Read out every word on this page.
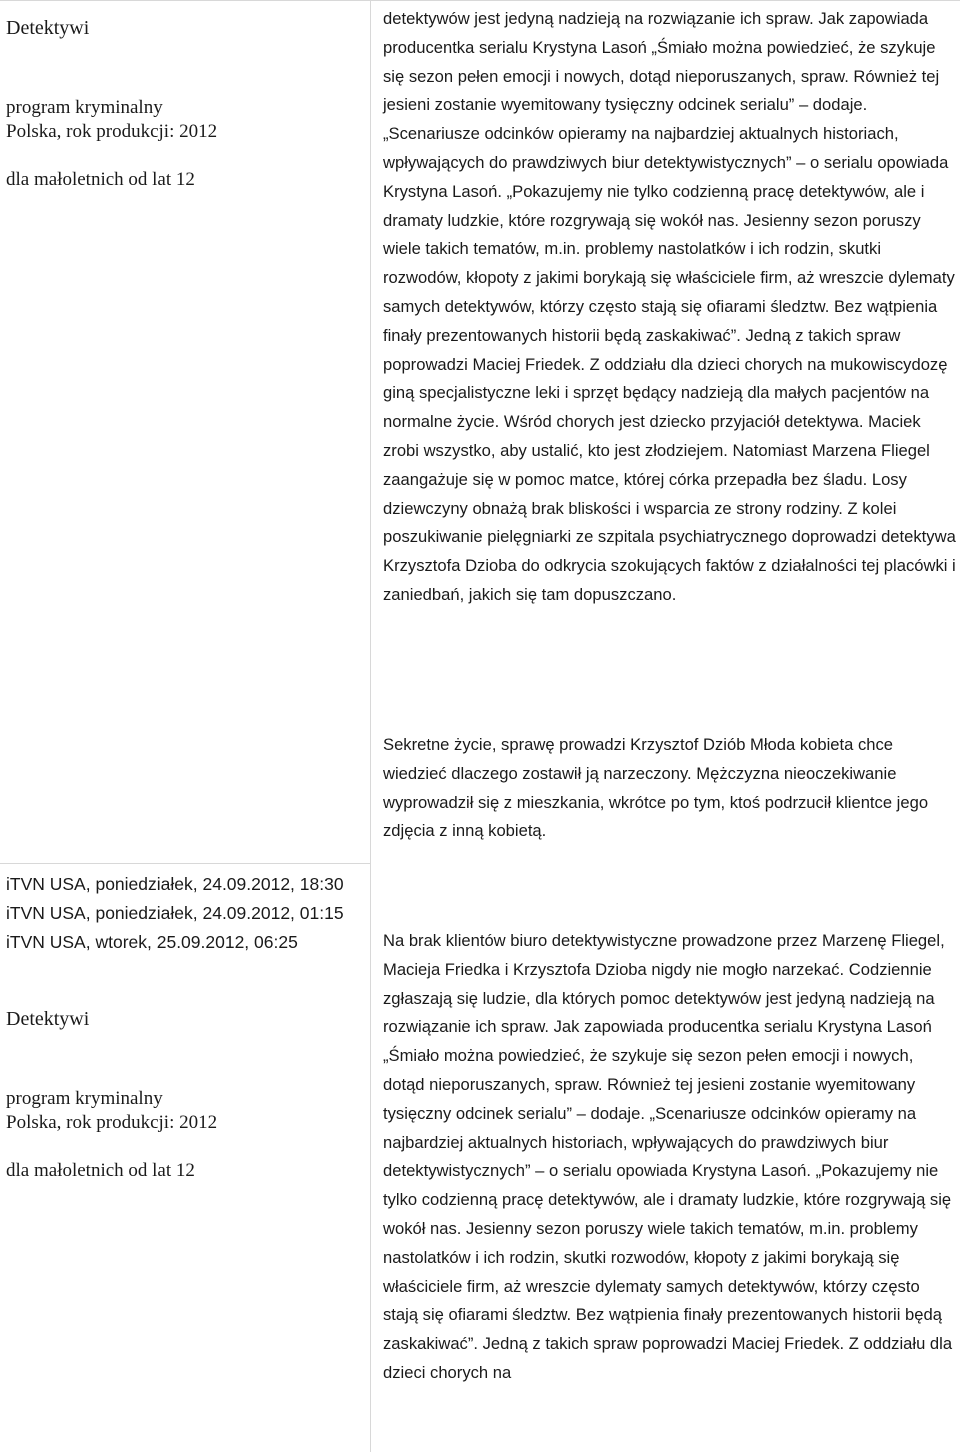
Detektywi
program kryminalny
Polska, rok produkcji: 2012
dla małoletnich od lat 12

detektywów jest jedyną nadzieją na rozwiązanie ich spraw. Jak zapowiada producentka serialu Krystyna Lasoń „Śmiało można powiedzieć, że szykuje się sezon pełen emocji i nowych, dotąd nieporuszanych, spraw. Również tej jesieni zostanie wyemitowany tysięczny odcinek serialu” – dodaje. „Scenariusze odcinków opieramy na najbardziej aktualnych historiach, wpływających do prawdziwych biur detektywistycznych” – o serialu opowiada Krystyna Lasoń. „Pokazujemy nie tylko codzienną pracę detektywów, ale i dramaty ludzkie, które rozgrywają się wokół nas. Jesienny sezon poruszy wiele takich tematów, m.in. problemy nastolatków i ich rodzin, skutki rozwodów, kłopoty z jakimi borykają się właściciele firm, aż wreszcie dylematy samych detektywów, którzy często stają się ofiarami śledztw. Bez wątpienia finały prezentowanych historii będą zaskakiwać”. Jedną z takich spraw poprowadzi Maciej Friedek. Z oddziału dla dzieci chorych na mukowiscydozę giną specjalistyczne leki i sprzęt będący nadzieją dla małych pacjentów na normalne życie. Wśród chorych jest dziecko przyjaciół detektywa. Maciek zrobi wszystko, aby ustalić, kto jest złodziejem. Natomiast Marzena Fliegel zaangażuje się w pomoc matce, której córka przepadła bez śladu. Losy dziewczyny obnażą brak bliskości i wsparcia ze strony rodziny. Z kolei poszukiwanie pielęgniarki ze szpitala psychiatrycznego doprowadzi detektywa Krzysztofa Dzioba do odkrycia szokujących faktów z działalności tej placówki i zaniedbań, jakich się tam dopuszczano.

Sekretne życie, sprawę prowadzi Krzysztof Dziób Młoda kobieta chce wiedzieć dlaczego zostawił ją narzeczony. Mężczyzna nieoczekiwanie wyprowadził się z mieszkania, wkrótce po tym, ktoś podrzucił klientce jego zdjęcia z inną kobietą.

iTVN USA, poniedziałek, 24.09.2012, 18:30
iTVN USA, poniedziałek, 24.09.2012, 01:15
iTVN USA, wtorek, 25.09.2012, 06:25
Detektywi
program kryminalny
Polska, rok produkcji: 2012
dla małoletnich od lat 12

Na brak klientów biuro detektywistyczne prowadzone przez Marzenę Fliegel, Macieja Friedka i Krzysztofa Dzioba nigdy nie mogło narzekać. Codziennie zgłaszają się ludzie, dla których pomoc detektywów jest jedyną nadzieją na rozwiązanie ich spraw. Jak zapowiada producentka serialu Krystyna Lasoń „Śmiało można powiedzieć, że szykuje się sezon pełen emocji i nowych, dotąd nieporuszanych, spraw. Również tej jesieni zostanie wyemitowany tysięczny odcinek serialu” – dodaje. „Scenariusze odcinków opieramy na najbardziej aktualnych historiach, wpływających do prawdziwych biur detektywistycznych” – o serialu opowiada Krystyna Lasoń. „Pokazujemy nie tylko codzienną pracę detektywów, ale i dramaty ludzkie, które rozgrywają się wokół nas. Jesienny sezon poruszy wiele takich tematów, m.in. problemy nastolatków i ich rodzin, skutki rozwodów, kłopoty z jakimi borykają się właściciele firm, aż wreszcie dylematy samych detektywów, którzy często stają się ofiarami śledztw. Bez wątpienia finały prezentowanych historii będą zaskakiwać”. Jedną z takich spraw poprowadzi Maciej Friedek. Z oddziału dla dzieci chorych na
